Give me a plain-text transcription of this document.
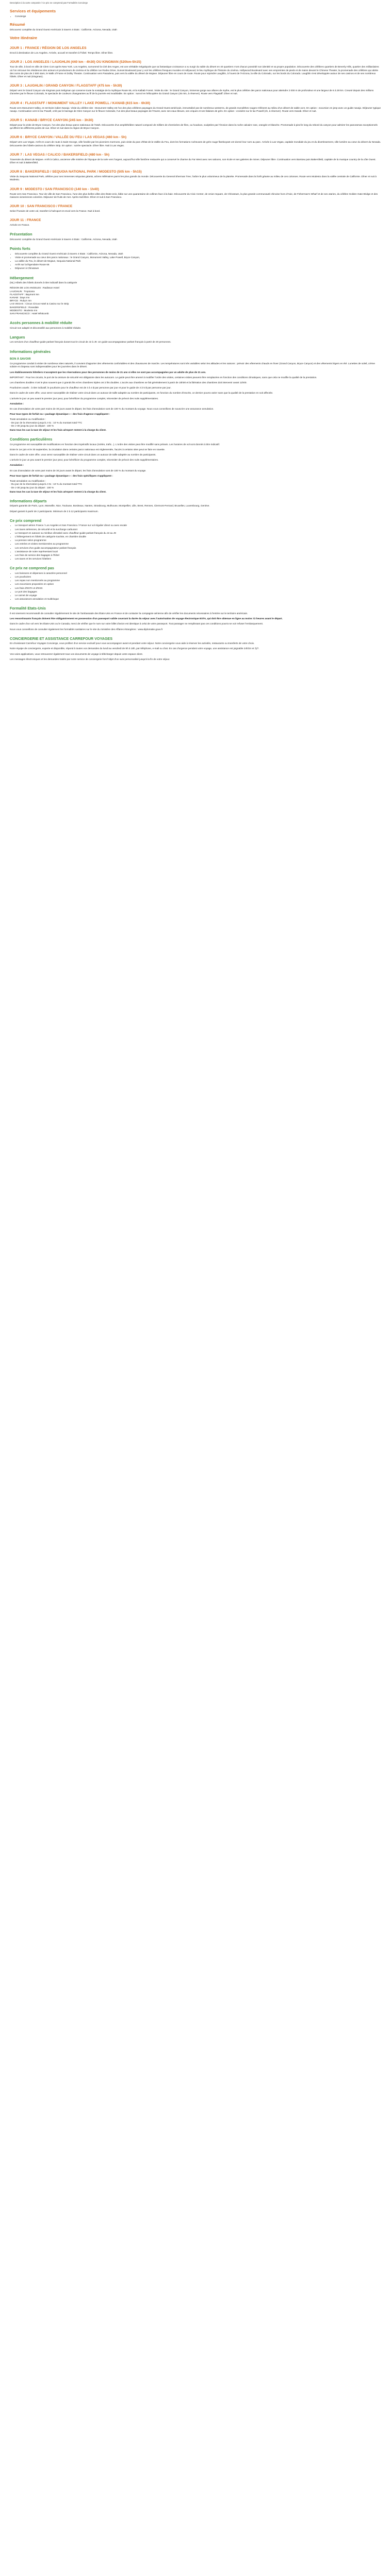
Description à la carte composée / Ce prix ne comprend pas Formalités Concierge
Services et équipements
• Concierge
Résumé

Découvrez complète du Grand Ouest Américain à travers 4 Etats : Californie, Arizona, Nevada, Utah

Votre itinéraire
JOUR 1 : FRANCE / RÉGION DE LOS ANGELES

Envol à destination de Los Angeles. Arrivée, accueil et transfert à l'hôtel. Temps libre. Dîner libre.

JOUR 2 : LOS ANGELES / LAUGHLIN (440 km - 4h30) OU KINGMAN (520km-5h15)

Tour de ville, à bord en ville de Clem Com après New York. Los Angeles, surnommé la Cité des Anges, est une véritable mégalopole que sa fantastique croissance a vu surgir du sable du désert en 40 quartiers n'ont chacun possédé son identité et sa propre population. Découverte des célèbres quartiers de Beverly Hills, quartier des milliardaires où l'on retrouve les résidences des acteurs et producteurs de cinéma et la célèbre rue Rodeo Drive, Sunset Boulevard pour y voir les célèbres fresques murales et Hollywood, le lieu mythique de l'histoire du cinéma. Hollywood Boulevard avec ses empreintes de pieds et de mains devant le Chinese Theater, la promenade des célèbres qui abrite des noms de plus de 2 500 stars, le Walk of Fame et Dolby Theatre. Continuation vers Pasadena, puis vers la vallée du désert de Mojave. Déjeuner libre en cours de route. Route pour rejoindre Laughlin, à l'ouest de l'Arizona, la ville du Colorado, sur les bords du Colorado. Laughlin s'est développée autour de ses casinos et de ses nombreux hôtels. Dîner et nuit (Kingman).

JOUR 3 : LAUGHLIN / GRAND CANYON / FLAGSTAFF (475 km - 5h30)

Départ vers le Grand Canyon via Kingman puis Seligman qui conserve toute la nostalgie de la mythique Route 66, et la Kaibab Forest. Visite du site : le Grand Canyon, immense gorge aux allures de mythe, est le plus célèbre des parcs nationaux pour atteindre 2 000 m de profondeur et une largeur de 6 à 29 km. Creusé depuis des millions d'années par le fleuve Colorado, le spectacle de couleurs changeantes au fil de la journée est inoubliable. En option : survol en hélicoptère du Grand Canyon (45 min, à réserver). Route vers Flagstaff. Dîner et nuit.

JOUR 4 : FLAGSTAFF / MONUMENT VALLEY / LAKE POWELL / KANAB (615 km - 6h30)

Route vers Monument Valley, en territoire indien Navajo. Visite du célèbre site : Monument Valley est l'un des plus célèbres paysages du Grand Ouest américain, immortalisé par de nombreux westerns, de grands monolithes rouges s'élèvent au milieu d'un désert de sable ocre. En option : excursion en jeep avec un guide navajo. Déjeuner typique navajo. Continuation vers le lac Powell, créé par le barrage de Glen Canyon sur le fleuve Colorado, l'un des plus beaux paysages de l'Ouest, avec ses eaux bleues, ses criques et ses falaises de grès. En option : croisière sur le lac Powell (1h, à réserver). Route vers Kanab. Dîner et nuit.

JOUR 5 : KANAB / BRYCE CANYON (245 km - 3h30)

Départ pour la visite de Bryce Canyon, l'un des plus beaux parcs nationaux de l'Utah. Découverte d'un amphithéâtre naturel composé de milliers de cheminées de fées, ou hoodoos, sculptées par l'érosion dans la roche calcaire rose, orangée et blanche. Promenade à pied le long du rebord du canyon pour admirer les panoramas exceptionnels qu'offrent les différents points de vue. Dîner et nuit dans la région de Bryce Canyon.

JOUR 6 : BRYCE CANYON / VALLÉE DU FEU / LAS VEGAS (460 km - 5h)

Départ vers Las Vegas. Arrêt en cours de route à Saint George, ville fondée par les pionniers mormons, puis visite du parc d'État de la Vallée du Feu, dont les formations rocheuses de grès rouge flamboyant ont donné leur nom au parc. Arrivée à Las Vegas, capitale mondiale du jeu et du divertissement, ville lumière au cœur du désert du Nevada. Découverte des hôtels-casinos du célèbre Strip. En option : soirée spectacle. Dîner libre. Nuit à Las Vegas.

JOUR 7 : LAS VEGAS / CALICO / BAKERSFIELD (480 km - 5h)

Traversée du désert de Mojave. Arrêt à Calico, ancienne ville minière de l'époque de la ruée vers l'argent, aujourd'hui ville fantôme restaurée qui a conservé le charme du Far West avec ses saloons, son école et ses galeries de mines. Déjeuner libre. Continuation vers Barstow puis Bakersfield, capitale de la musique country de la côte Ouest. Dîner et nuit à Bakersfield.

JOUR 8 : BAKERSFIELD / SEQUOIA NATIONAL PARK / MODESTO (505 km - 5h15)

Visite du Sequoia National Park, célèbre pour ses immenses séquoias géants, arbres millénaires parmi les plus grands du monde. Découverte du General Sherman Tree, l'arbre le plus volumineux de la planète. Promenade dans la forêt géante au milieu de ces colosses. Route vers Modesto dans la vallée centrale de Californie. Dîner et nuit à Modesto.

JOUR 9 : MODESTO / SAN FRANCISCO (140 km - 1h40)

Route vers San Francisco. Tour de ville de San Francisco, l'une des plus belles villes des États-Unis, bâtie sur une quarantaine de collines face à la baie. Découverte du Civic Center, de Union Square, de Chinatown, la plus grande communauté chinoise hors d'Asie, de Fisherman's Wharf et de ses otaries, du célèbre Golden Gate Bridge et des maisons victoriennes colorées. Déjeuner de fruits de mer. Après-midi libre. Dîner et nuit à San Francisco.

JOUR 10 : SAN FRANCISCO / FRANCE

Selon l'horaire de votre vol, transfert à l'aéroport et envol vers la France. Nuit à bord.

JOUR 11 : FRANCE

Arrivée en France.

Présentation

Découvrez complète du Grand Ouest Américain à travers 4 Etats : Californie, Arizona, Nevada, Utah

Points forts
• Découverte complète du Grand Ouest Américain à travers 4 Etats : Californie, Arizona, Nevada, Utah
• Visite et promenade au cœur des parcs nationaux : le Grand Canyon, Monument Valley, Lake Powell, Bryce Canyon,
• La vallée du Feu, le désert de Mojave, Sequoia National Park
• Arrêt sur la légendaire Route 66
• Déjeuner à Chinatown
Hébergement

(NL) Hôtels des hôtels donnés à titre indicatif dans la catégorie

RÉGION DE LOS ANGELES : Radisson Hotel
LAUGHLIN : Tropicana
FLAGSTAFF : Baymont Inn
KANAB : Days Inn
BRYCE : Ruby's Inn
LAS VEGAS : Circus Circus Hotel & Casino sur le Strip
BAKERSFIELD : Rosedale
MODESTO : Modesto Inn
SAN FRANCISCO : Hotel Whitcomb
Accès personnes à mobilité réduite

Circuit non adapté et déconseillé aux personnes à mobilité réduite.

Langues

Les services d'un chauffeur-guide parlant français durant tout le circuit de J2 à J9. Un guide accompagnateur parlant français à partir de 20 personnes.

Informations générales
BON À SAVOIR

Ce programme conduit à visiter de nombreux sites naturels, il convient d'apporter des vêtements confortables et des chaussures de marche. Les températures sont très variables selon les altitudes et les saisons : prévoir des vêtements chauds en hiver (Grand Canyon, Bryce Canyon) et des vêtements légers en été. Lunettes de soleil, crème solaire et chapeau sont indispensables pour les journées dans le désert.

Les établissements hôteliers n'acceptent que les réservations pour des personnes de moins de 21 ans si elles ne sont pas accompagnées par un adulte de plus de 21 ans.

IMPORTANT : Pour les circuits, le port de la ceinture de sécurité est obligatoire dans les autocars. Le guide peut être amené à modifier l'ordre des visites, certaines visites peuvent être remplacées en fonction des conditions climatiques, sans que cela ne modifie la qualité de la prestation.

Les chambres doubles n'ont le plus souvent que 2 grands lits et les chambres triples ont 2 lits doubles. L'accès aux chambres se fait généralement à partir de 15h00 et la libération des chambres doit intervenir avant 11h00.

Pourboires usuels : à titre indicatif, le pourboire pour le chauffeur est de 3 à 4 $ par personne par jour et pour le guide de 4 à 5 $ par personne par jour.

Dans le cadre de votre offre, vous serez susceptible de réaliser votre circuit dans un autocar de taille adaptée au nombre de participants, en fonction du nombre d'inscrits, ce dernier pourra varier sans que la qualité de la prestation en soit affectée.

L'arrivée le jour un peu avant le premier jour peut, pour bénéficier du programme complet, nécessiter de prévoir des nuits supplémentaires.

Annulation :

En cas d'annulation de votre part moins de 30 jours avant le départ, les frais d'annulation sont de 100 % du montant du voyage. Nous vous conseillons de souscrire une assurance annulation.

Pour tous types de forfait ou « package dynamique » : des frais d'agence s'appliquent :

Toute annulation ou modification :
- De jour de la réservation jusqu'à J-31 : 10 % du montant total TTC
- De J-30 jusqu'au jour du départ : 100 %

Dans tous les cas la taxe de séjour et les frais aéroport restent à la charge du client.

Conditions particulières

Ce programme est susceptible de modifications en fonction des impératifs locaux (météo, trafic...). L'ordre des visites peut être modifié sans préavis. Les horaires de vol sont donnés à titre indicatif.

Entre le 1er juin et le 30 septembre, la circulation dans certains parcs nationaux est réglementée, l'accès à certains sites peut se faire en navette.

Dans le cadre de votre offre, vous serez susceptible de réaliser votre circuit dans un autocar de taille adaptée au nombre de participants.

L'arrivée le jour un peu avant le premier jour peut, pour bénéficier du programme complet, nécessiter de prévoir des nuits supplémentaires.

Annulation :

En cas d'annulation de votre part moins de 30 jours avant le départ, les frais d'annulation sont de 100 % du montant du voyage.

Pour tous types de forfait ou « package dynamique » : des frais spécifiques s'appliquent :

Toute annulation ou modification :
- Du jour de la réservation jusqu'à J-31 : 10 % du montant total TTC
- De J-30 jusqu'au jour du départ : 100 %

Dans tous les cas la taxe de séjour et les frais aéroport restent à la charge du client.

Informations départs

Départs garantis de Paris, Lyon, Marseille, Nice, Toulouse, Bordeaux, Nantes, Strasbourg, Mulhouse, Montpellier, Lille, Brest, Rennes, Clermont-Ferrand, Bruxelles, Luxembourg, Genève.

Départ garanti à partir de 2 participants. Minimum de 2 à 12 participants maximum.

Ce prix comprend
• Le transport aérien France / Los Angeles et San Francisco / France sur vol régulier direct ou avec escale
• Les taxes aériennes, de sécurité et la surcharge carburant
• Le transport en autocar ou minibus climatisé avec chauffeur-guide parlant français du J2 au J9
• L'hébergement en hôtels de catégorie touriste, en chambre double
• La pension selon programme
• Les entrées et visites mentionnées au programme
• Les services d'un guide accompagnateur parlant français
• L'assistance de notre représentant local
• Les frais de service des bagages à l'hôtel
• Les taxes et les services hôteliers
Ce prix ne comprend pas
• Les boissons et dépenses à caractère personnel
• Les pourboires
• Les repas non mentionnés au programme
• Les excursions proposées en option
• Les frais d'ESTA et d'ESS
• Le port des bagages
• Le carnet de voyage
• Les assurances annulation et multirisque
Formalité Etats-Unis

Il est vivement recommandé de consulter régulièrement le site de l'ambassade des États-Unis en France et de contacter la compagnie aérienne afin de vérifier les documents nécessaires à l'entrée sur le territoire américain.

Les ressortissants français doivent être obligatoirement en possession d'un passeport valide couvrant la durée du séjour avec l'autorisation de voyage électronique ESTA, qui doit être obtenue en ligne au moins 72 heures avant le départ.

Dans le cadre d'un vol vers les États-Unis ou le Canada, merci de vérifier que le nom sur votre billet d'avion est identique à celui de votre passeport. Tout passager ne remplissant pas ces conditions pourra se voir refuser l'embarquement.

Nous vous conseillons de consulter également les formalités sanitaires sur le site du ministère des Affaires étrangères : www.diplomatie.gouv.fr

CONCIERGERIE ET ASSISTANCE CARREFOUR VOYAGES

En choisissant Carrefour Voyages Concierge, vous profitez d'un service exclusif pour vous accompagner avant et pendant votre séjour. Notre conciergerie vous aide à réserver les activités, restaurants ou transferts de votre choix.

Notre équipe de conciergerie, experte et disponible, répond à toutes vos demandes du lundi au vendredi de 9h à 18h, par téléphone, e-mail ou chat. En cas d'urgence pendant votre voyage, une assistance est joignable 24h/24 et 7j/7.

Vos voies applicatives, vous retrouverez également tous vos documents de voyage à télécharger depuis votre espace client.

Les messages électroniques et les demandes traités par notre service de conciergerie font l'objet d'un suivi personnalisé jusqu'à la fin de votre séjour.
